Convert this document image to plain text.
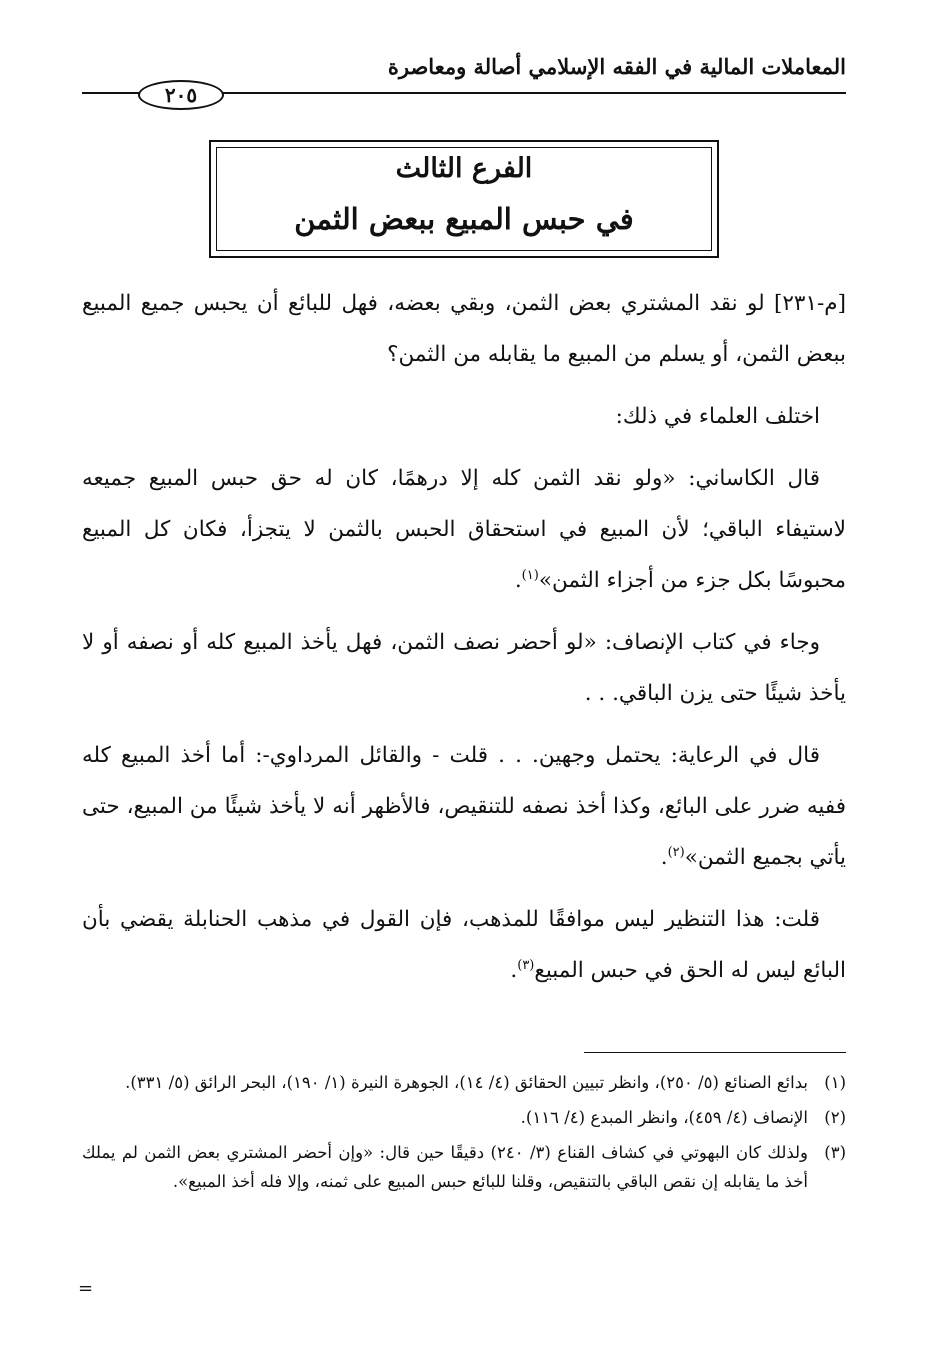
المعاملات المالية في الفقه الإسلامي أصالة ومعاصرة
٢٠٥
الفرع الثالث
في حبس المبيع ببعض الثمن

[م-٢٣١] لو نقد المشتري بعض الثمن، وبقي بعضه، فهل للبائع أن يحبس جميع المبيع ببعض الثمن، أو يسلم من المبيع ما يقابله من الثمن؟

اختلف العلماء في ذلك:

قال الكاساني: «ولو نقد الثمن كله إلا درهمًا، كان له حق حبس المبيع جميعه لاستيفاء الباقي؛ لأن المبيع في استحقاق الحبس بالثمن لا يتجزأ، فكان كل المبيع محبوسًا بكل جزء من أجزاء الثمن»$^{(١)}$.

وجاء في كتاب الإنصاف: «لو أحضر نصف الثمن، فهل يأخذ المبيع كله أو نصفه أو لا يأخذ شيئًا حتى يزن الباقي. . .

قال في الرعاية: يحتمل وجهين. . . قلت - والقائل المرداوي-: أما أخذ المبيع كله ففيه ضرر على البائع، وكذا أخذ نصفه للتنقيص، فالأظهر أنه لا يأخذ شيئًا من المبيع، حتى يأتي بجميع الثمن»$^{(٢)}$.

قلت: هذا التنظير ليس موافقًا للمذهب، فإن القول في مذهب الحنابلة يقضي بأن البائع ليس له الحق في حبس المبيع$^{(٣)}$.

(١)
بدائع الصنائع (٥/ ٢٥٠)، وانظر تبيين الحقائق (٤/ ١٤)، الجوهرة النيرة (١/ ١٩٠)، البحر الرائق (٥/ ٣٣١).
(٢)
الإنصاف (٤/ ٤٥٩)، وانظر المبدع (٤/ ١١٦).
(٣)
ولذلك كان البهوتي في كشاف القناع (٣/ ٢٤٠) دقيقًا حين قال: «وإن أحضر المشتري بعض الثمن لم يملك أخذ ما يقابله إن نقص الباقي بالتنقيص، وقلنا للبائع حبس المبيع على ثمنه، وإلا فله أخذ المبيع».
=
